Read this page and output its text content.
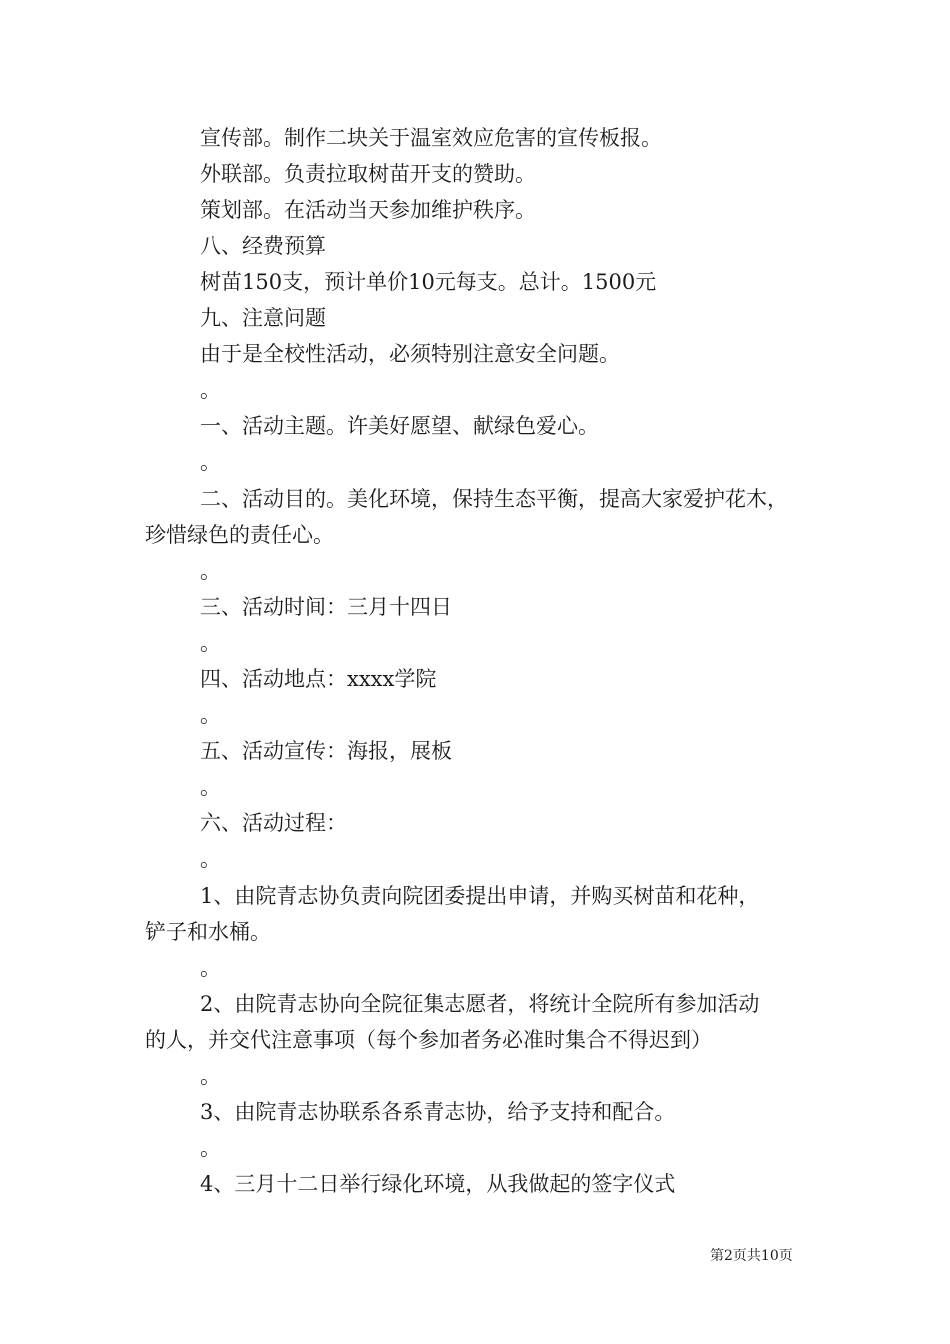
宣传部。制作二块关于温室效应危害的宣传板报。
外联部。负责拉取树苗开支的赞助。
策划部。在活动当天参加维护秩序。
八、经费预算
树苗150支，预计单价10元每支。总计。1500元
九、注意问题
由于是全校性活动，必须特别注意安全问题。
。
一、活动主题。许美好愿望、献绿色爱心。
。
二、活动目的。美化环境，保持生态平衡，提高大家爱护花木，
珍惜绿色的责任心。
。
三、活动时间：三月十四日
。
四、活动地点：xxxx学院
。
五、活动宣传：海报，展板
。
六、活动过程：
。
1、由院青志协负责向院团委提出申请，并购买树苗和花种，
铲子和水桶。
。
2、由院青志协向全院征集志愿者，将统计全院所有参加活动
的人，并交代注意事项（每个参加者务必准时集合不得迟到）
。
3、由院青志协联系各系青志协，给予支持和配合。
。
4、三月十二日举行绿化环境，从我做起的签字仪式
第2页共10页
